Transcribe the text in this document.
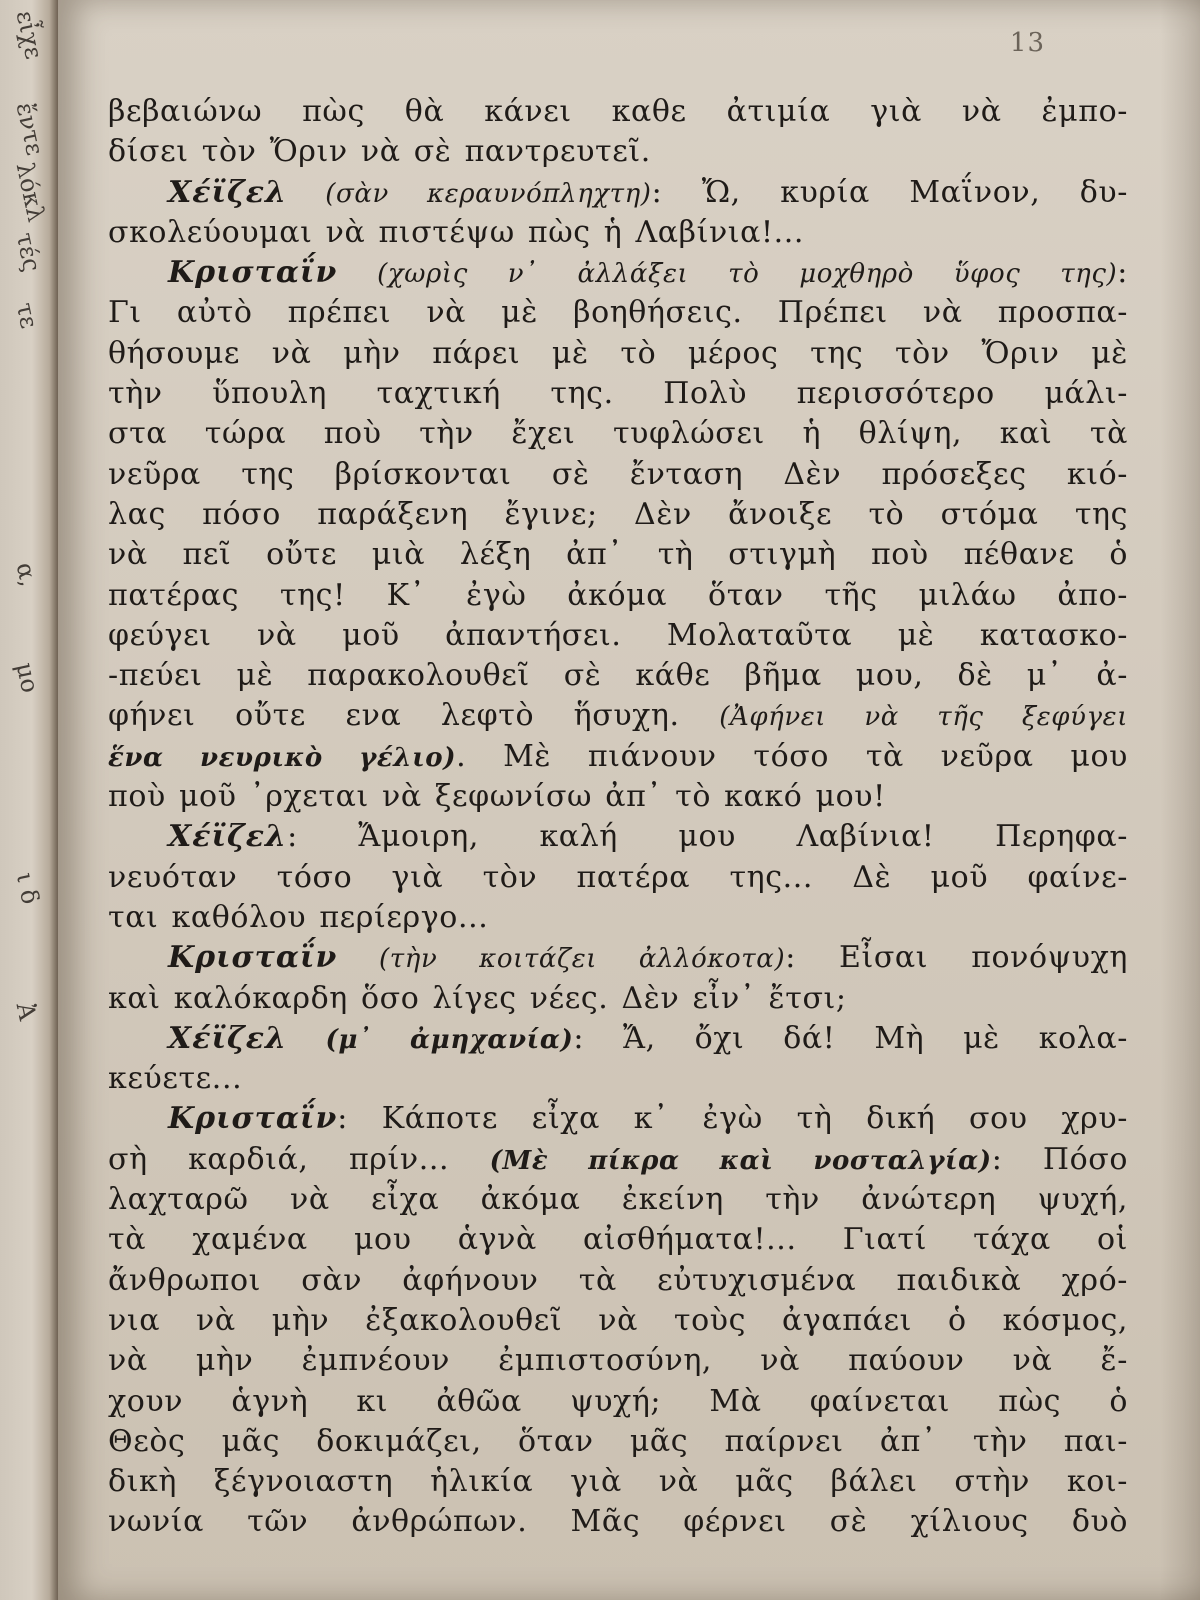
εἶχε
ἔντε
λόκλ
τές
τε
α,
μο
ι δ
Ἀ
13
βεβαιώνω πὼς θὰ κάνει καθε ἀτιμία γιὰ νὰ ἐμπο-
δίσει τὸν Ὄριν νὰ σὲ παντρευτεῖ.
Χέϊζελ (σὰν κεραυνόπληχτη): Ὤ, κυρία Μαΐνον, δυ-
σκολεύουμαι νὰ πιστέψω πὼς ἡ Λαβίνια!...
Κρισταΐν (χωρὶς ν᾽ ἀλλάξει τὸ μοχθηρὸ ὕφος της):
Γι αὐτὸ πρέπει νὰ μὲ βοηθήσεις. Πρέπει νὰ προσπα-
θήσουμε νὰ μὴν πάρει μὲ τὸ μέρος της τὸν Ὄριν μὲ
τὴν ὕπουλη ταχτική της. Πολὺ περισσότερο μάλι-
στα τώρα ποὺ τὴν ἔχει τυφλώσει ἡ θλίψη, καὶ τὰ
νεῦρα της βρίσκονται σὲ ἔνταση Δὲν πρόσεξες κιό-
λας πόσο παράξενη ἔγινε; Δὲν ἄνοιξε τὸ στόμα της
νὰ πεῖ οὔτε μιὰ λέξη ἀπ᾽ τὴ στιγμὴ ποὺ πέθανε ὁ
πατέρας της! Κ᾽ ἐγὼ ἀκόμα ὅταν τῆς μιλάω ἀπο-
φεύγει νὰ μοῦ ἀπαντήσει. Μολαταῦτα μὲ κατασκο-
-πεύει μὲ παρακολουθεῖ σὲ κάθε βῆμα μου, δὲ μ᾽ ἀ-
φήνει οὔτε ενα λεφτὸ ἥσυχη. (Ἀφήνει νὰ τῆς ξεφύγει
ἕνα νευρικὸ γέλιο). Μὲ πιάνουν τόσο τὰ νεῦρα μου
ποὺ μοῦ ᾽ρχεται νὰ ξεφωνίσω ἀπ᾽ τὸ κακό μου!
Χέϊζελ: Ἄμοιρη, καλή μου Λαβίνια! Περηφα-
νευόταν τόσο γιὰ τὸν πατέρα της... Δὲ μοῦ φαίνε-
ται καθόλου περίεργο...
Κρισταΐν (τὴν κοιτάζει ἀλλόκοτα): Εἶσαι πονόψυχη
καὶ καλόκαρδη ὅσο λίγες νέες. Δὲν εἶν᾽ ἔτσι;
Χέϊζελ (μ᾽ ἀμηχανία): Ἄ, ὄχι δά! Μὴ μὲ κολα-
κεύετε...
Κρισταΐν: Κάποτε εἶχα κ᾽ ἐγὼ τὴ δική σου χρυ-
σὴ καρδιά, πρίν... (Μὲ πίκρα καὶ νοσταλγία): Πόσο
λαχταρῶ νὰ εἶχα ἀκόμα ἐκείνη τὴν ἀνώτερη ψυχή,
τὰ χαμένα μου ἁγνὰ αἰσθήματα!... Γιατί τάχα οἱ
ἄνθρωποι σὰν ἀφήνουν τὰ εὐτυχισμένα παιδικὰ χρό-
νια νὰ μὴν ἐξακολουθεῖ νὰ τοὺς ἀγαπάει ὁ κόσμος,
νὰ μὴν ἐμπνέουν ἐμπιστοσύνη, νὰ παύουν νὰ ἔ-
χουν ἁγνὴ κι ἀθῶα ψυχή; Μὰ φαίνεται πὼς ὁ
Θεὸς μᾶς δοκιμάζει, ὅταν μᾶς παίρνει ἀπ᾽ τὴν παι-
δικὴ ξέγνοιαστη ἡλικία γιὰ νὰ μᾶς βάλει στὴν κοι-
νωνία τῶν ἀνθρώπων. Μᾶς φέρνει σὲ χίλιους δυὸ
